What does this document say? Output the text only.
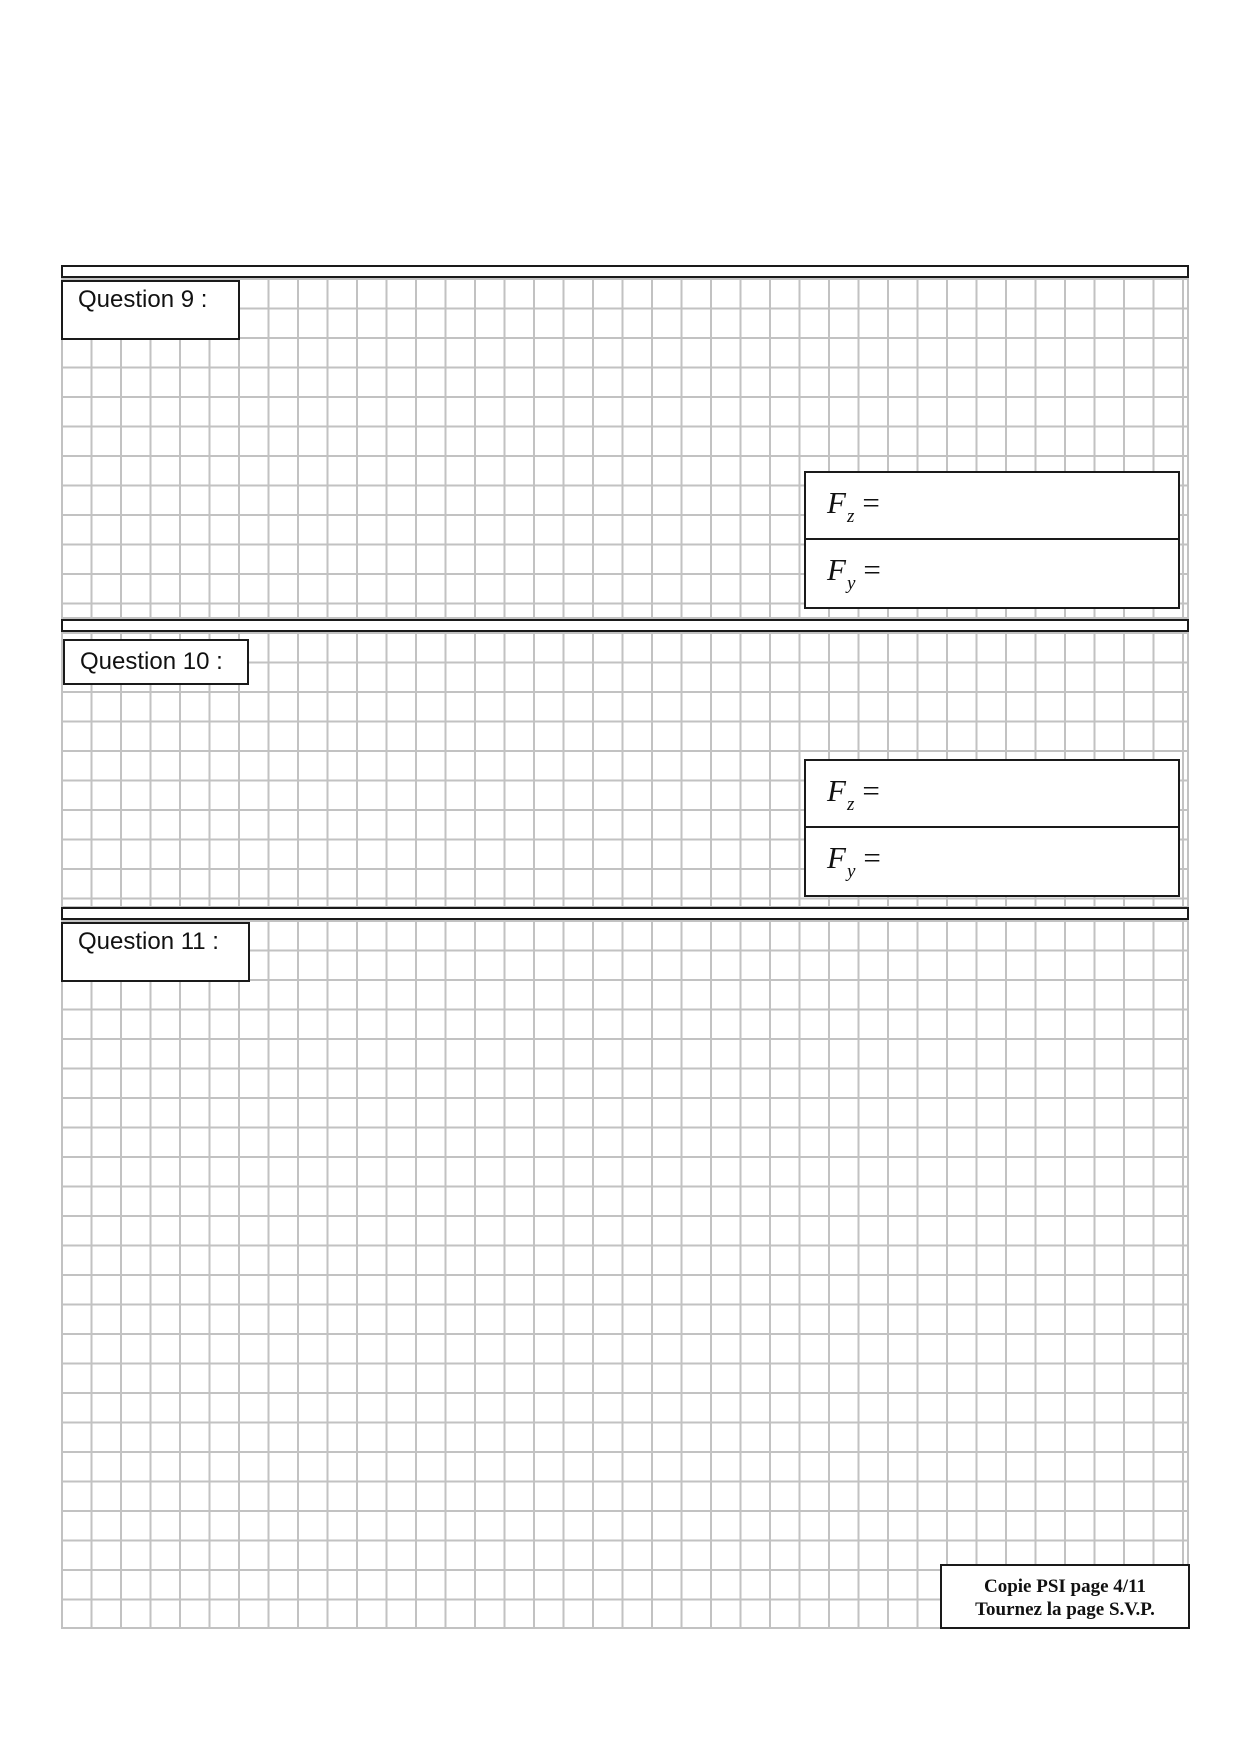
Question 9 :
$F_z$ =
$F_y$ =
Question 10 :
$F_z$ =
$F_y$ =
Question 11 :
Copie PSI page 4/11
Tournez la page S.V.P.
